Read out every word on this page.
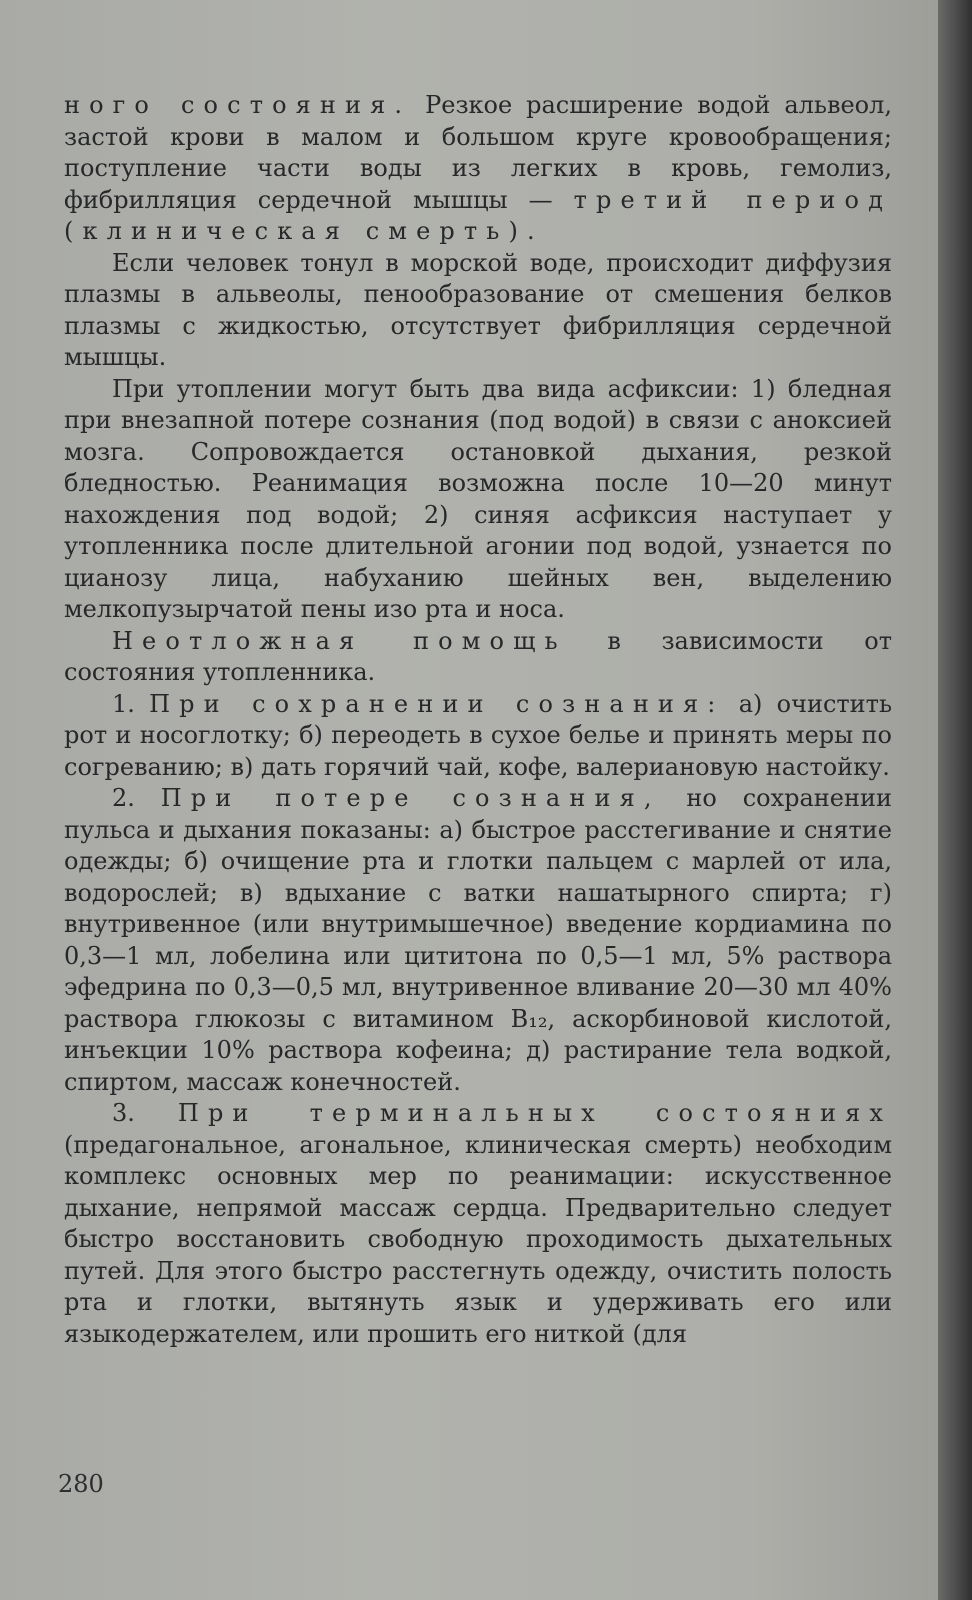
ного состояния. Резкое расширение водой альвеол, застой крови в малом и большом круге кровообращения; поступление части воды из легких в кровь, гемолиз, фибрилляция сердечной мышцы — третий период (клиническая смерть).

Если человек тонул в морской воде, происходит диффузия плазмы в альвеолы, пенообразование от смешения белков плазмы с жидкостью, отсутствует фибрилляция сердечной мышцы.

При утоплении могут быть два вида асфиксии: 1) бледная при внезапной потере сознания (под водой) в связи с аноксией мозга. Сопровождается остановкой дыхания, резкой бледностью. Реанимация возможна после 10—20 минут нахождения под водой; 2) синяя асфиксия наступает у утопленника после длительной агонии под водой, узнается по цианозу лица, набуханию шейных вен, выделению мелкопузырчатой пены изо рта и носа.

Неотложная помощь в зависимости от состояния утопленника.

1. При сохранении сознания: а) очистить рот и носоглотку; б) переодеть в сухое белье и принять меры по согреванию; в) дать горячий чай, кофе, валериановую настойку.

2. При потере сознания, но сохранении пульса и дыхания показаны: а) быстрое расстегивание и снятие одежды; б) очищение рта и глотки пальцем с марлей от ила, водорослей; в) вдыхание с ватки нашатырного спирта; г) внутривенное (или внутримышечное) введение кордиамина по 0,3—1 мл, лобелина или цититона по 0,5—1 мл, 5% раствора эфедрина по 0,3—0,5 мл, внутривенное вливание 20—30 мл 40% раствора глюкозы с витамином B₁₂, аскорбиновой кислотой, инъекции 10% раствора кофеина; д) растирание тела водкой, спиртом, массаж конечностей.

3. При терминальных состояниях (предагональное, агональное, клиническая смерть) необходим комплекс основных мер по реанимации: искусственное дыхание, непрямой массаж сердца. Предварительно следует быстро восстановить свободную проходимость дыхательных путей. Для этого быстро расстегнуть одежду, очистить полость рта и глотки, вытянуть язык и удерживать его или языкодержателем, или прошить его ниткой (для

280
